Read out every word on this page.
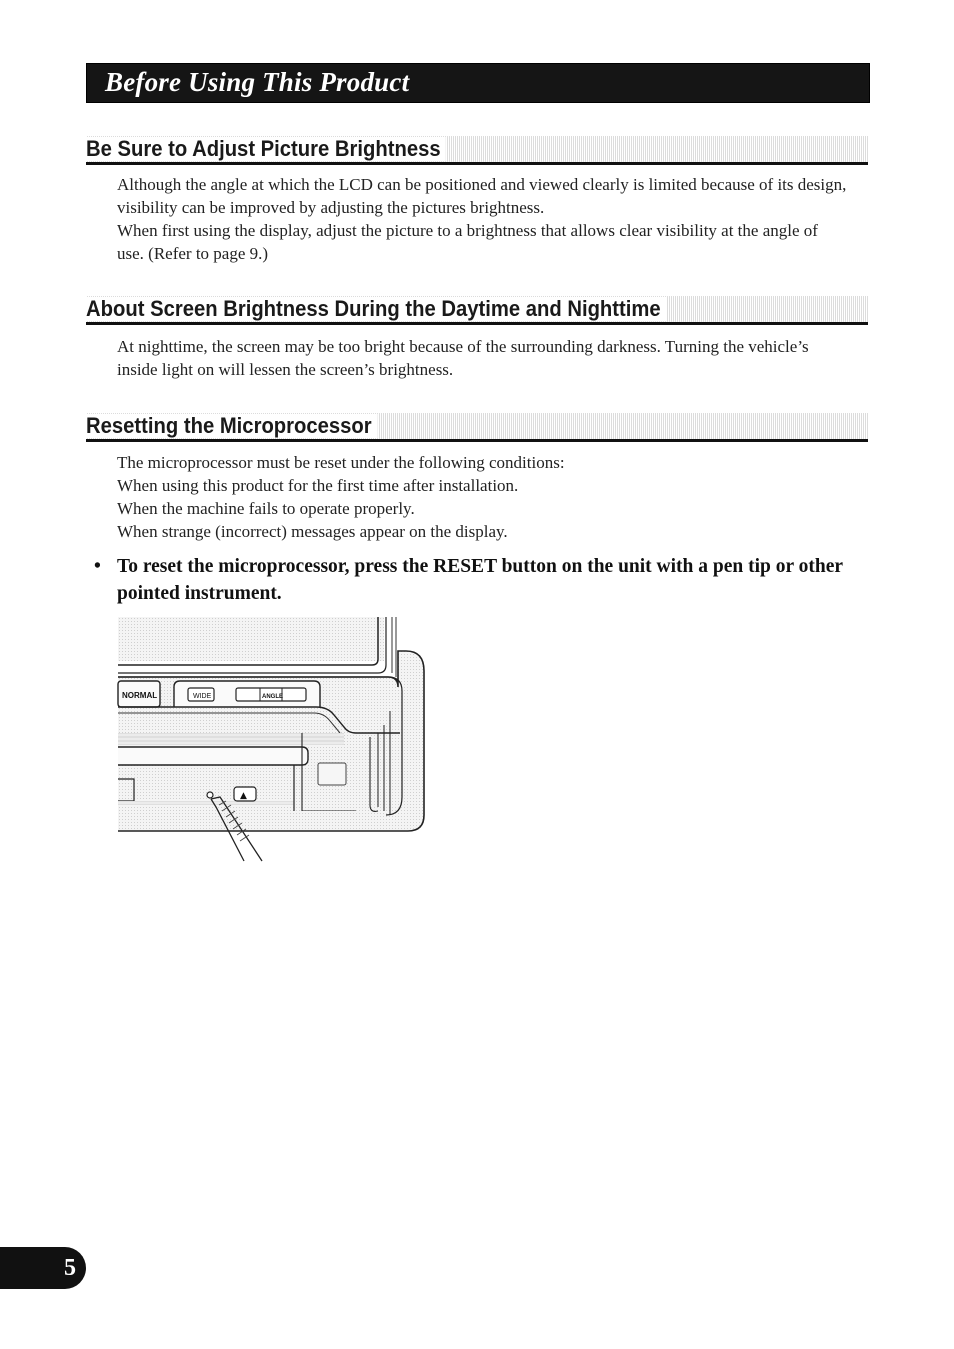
Before Using This Product
Be Sure to Adjust Picture Brightness

Although the angle at which the LCD can be positioned and viewed clearly is limited because of its design, visibility can be improved by adjusting the pictures brightness.

When first using the display, adjust the picture to a brightness that allows clear visibility at the angle of use. (Refer to page 9.)

About Screen Brightness During the Daytime and Nighttime

At nighttime, the screen may be too bright because of the surrounding darkness. Turning the vehicle’s inside light on will lessen the screen’s brightness.

Resetting the Microprocessor

The microprocessor must be reset under the following conditions:

When using this product for the first time after installation.

When the machine fails to operate properly.

When strange (incorrect) messages appear on the display.

• To reset the microprocessor, press the RESET button on the unit with a pen tip or other pointed instrument.
NORMAL	WIDE	ANGLE
▲
5
